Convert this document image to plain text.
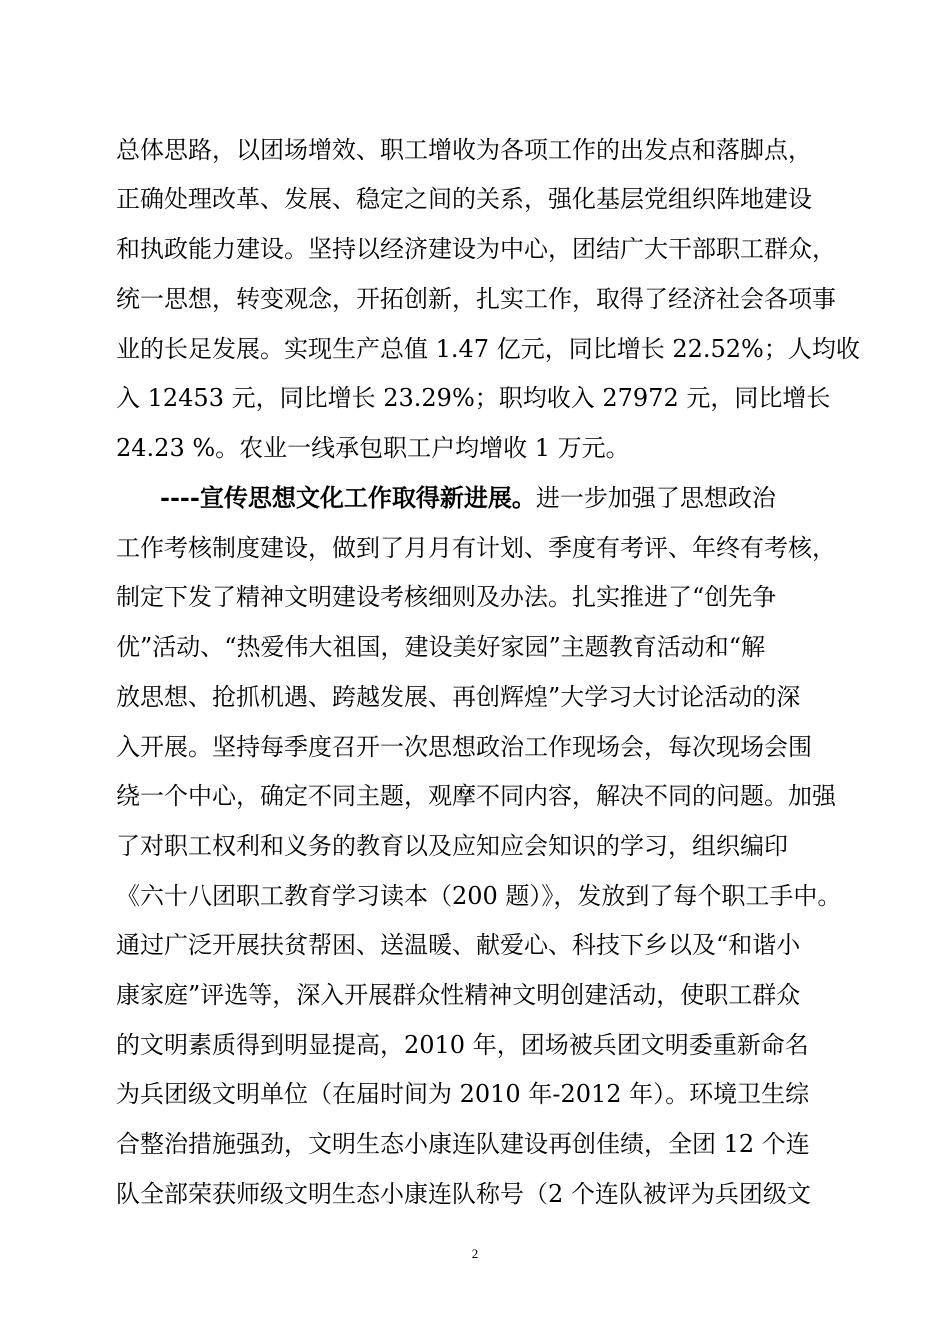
总体思路，以团场增效、职工增收为各项工作的出发点和落脚点，
正确处理改革、发展、稳定之间的关系，强化基层党组织阵地建设
和执政能力建设。坚持以经济建设为中心，团结广大干部职工群众，
统一思想，转变观念，开拓创新，扎实工作，取得了经济社会各项事
业的长足发展。实现生产总值 1.47 亿元，同比增长 22.52%；人均收
入 12453 元，同比增长 23.29%；职均收入 27972 元，同比增长
24.23 %。农业一线承包职工户均增收 1 万元。
----宣传思想文化工作取得新进展。进一步加强了思想政治
工作考核制度建设，做到了月月有计划、季度有考评、年终有考核，
制定下发了精神文明建设考核细则及办法。扎实推进了“创先争
优”活动、“热爱伟大祖国，建设美好家园”主题教育活动和“解
放思想、抢抓机遇、跨越发展、再创辉煌”大学习大讨论活动的深
入开展。坚持每季度召开一次思想政治工作现场会，每次现场会围
绕一个中心，确定不同主题，观摩不同内容，解决不同的问题。加强
了对职工权利和义务的教育以及应知应会知识的学习，组织编印
《六十八团职工教育学习读本（200 题）》，发放到了每个职工手中。
通过广泛开展扶贫帮困、送温暖、献爱心、科技下乡以及“和谐小
康家庭”评选等，深入开展群众性精神文明创建活动，使职工群众
的文明素质得到明显提高，2010 年，团场被兵团文明委重新命名
为兵团级文明单位（在届时间为 2010 年-2012 年）。环境卫生综
合整治措施强劲，文明生态小康连队建设再创佳绩，全团 12 个连
队全部荣获师级文明生态小康连队称号（2 个连队被评为兵团级文
2
